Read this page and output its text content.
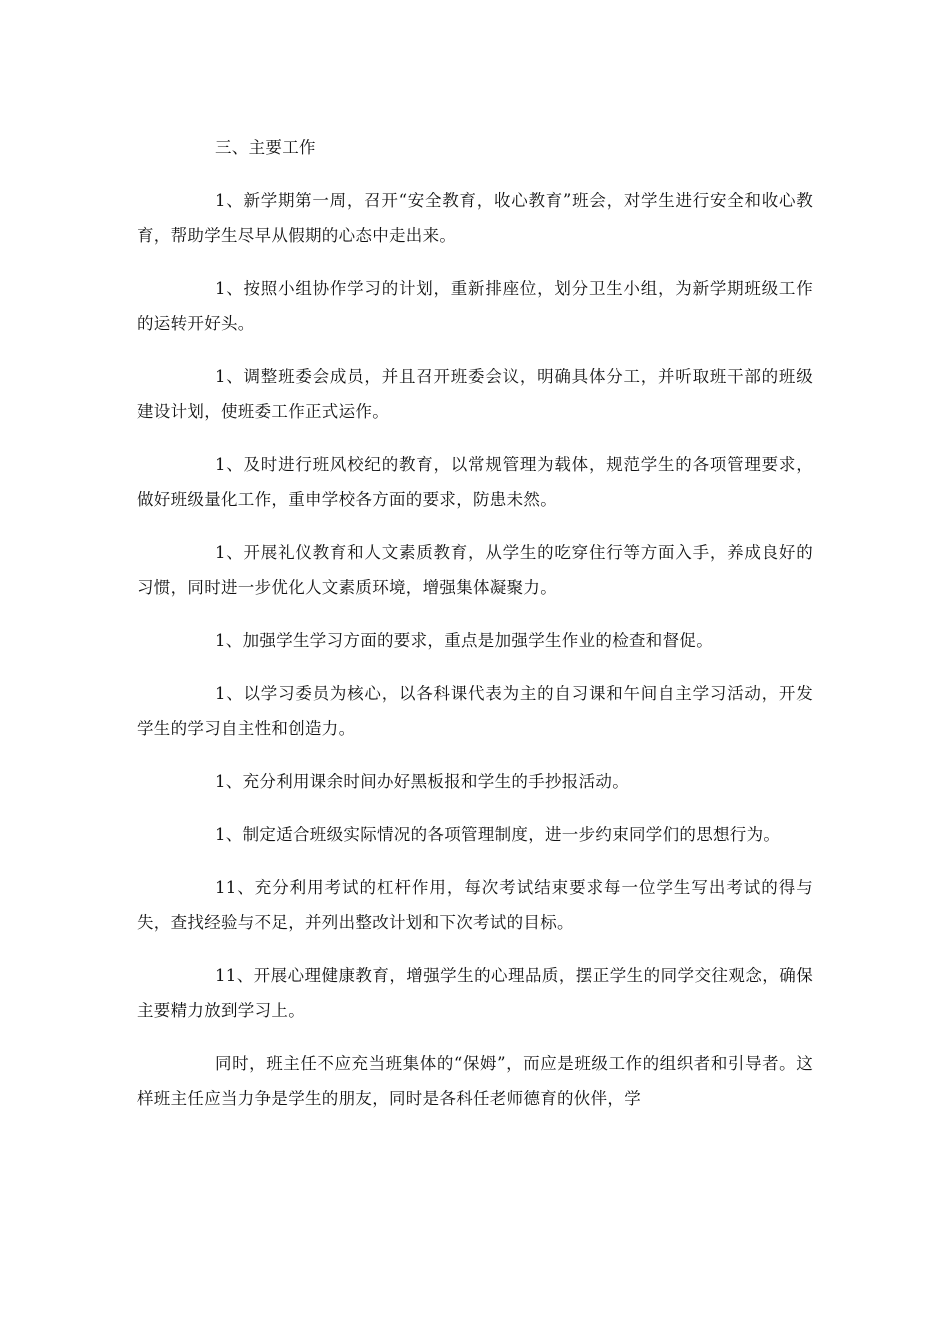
三、主要工作

1、新学期第一周，召开“安全教育，收心教育”班会，对学生进行安全和收心教育，帮助学生尽早从假期的心态中走出来。

1、按照小组协作学习的计划，重新排座位，划分卫生小组，为新学期班级工作的运转开好头。

1、调整班委会成员，并且召开班委会议，明确具体分工，并听取班干部的班级建设计划，使班委工作正式运作。

1、及时进行班风校纪的教育，以常规管理为载体，规范学生的各项管理要求，做好班级量化工作，重申学校各方面的要求，防患未然。

1、开展礼仪教育和人文素质教育，从学生的吃穿住行等方面入手，养成良好的习惯，同时进一步优化人文素质环境，增强集体凝聚力。

1、加强学生学习方面的要求，重点是加强学生作业的检查和督促。

1、以学习委员为核心，以各科课代表为主的自习课和午间自主学习活动，开发学生的学习自主性和创造力。

1、充分利用课余时间办好黑板报和学生的手抄报活动。

1、制定适合班级实际情况的各项管理制度，进一步约束同学们的思想行为。

11、充分利用考试的杠杆作用，每次考试结束要求每一位学生写出考试的得与失，查找经验与不足，并列出整改计划和下次考试的目标。

11、开展心理健康教育，增强学生的心理品质，摆正学生的同学交往观念，确保主要精力放到学习上。

同时，班主任不应充当班集体的“保姆”，而应是班级工作的组织者和引导者。这样班主任应当力争是学生的朋友，同时是各科任老师德育的伙伴，学
